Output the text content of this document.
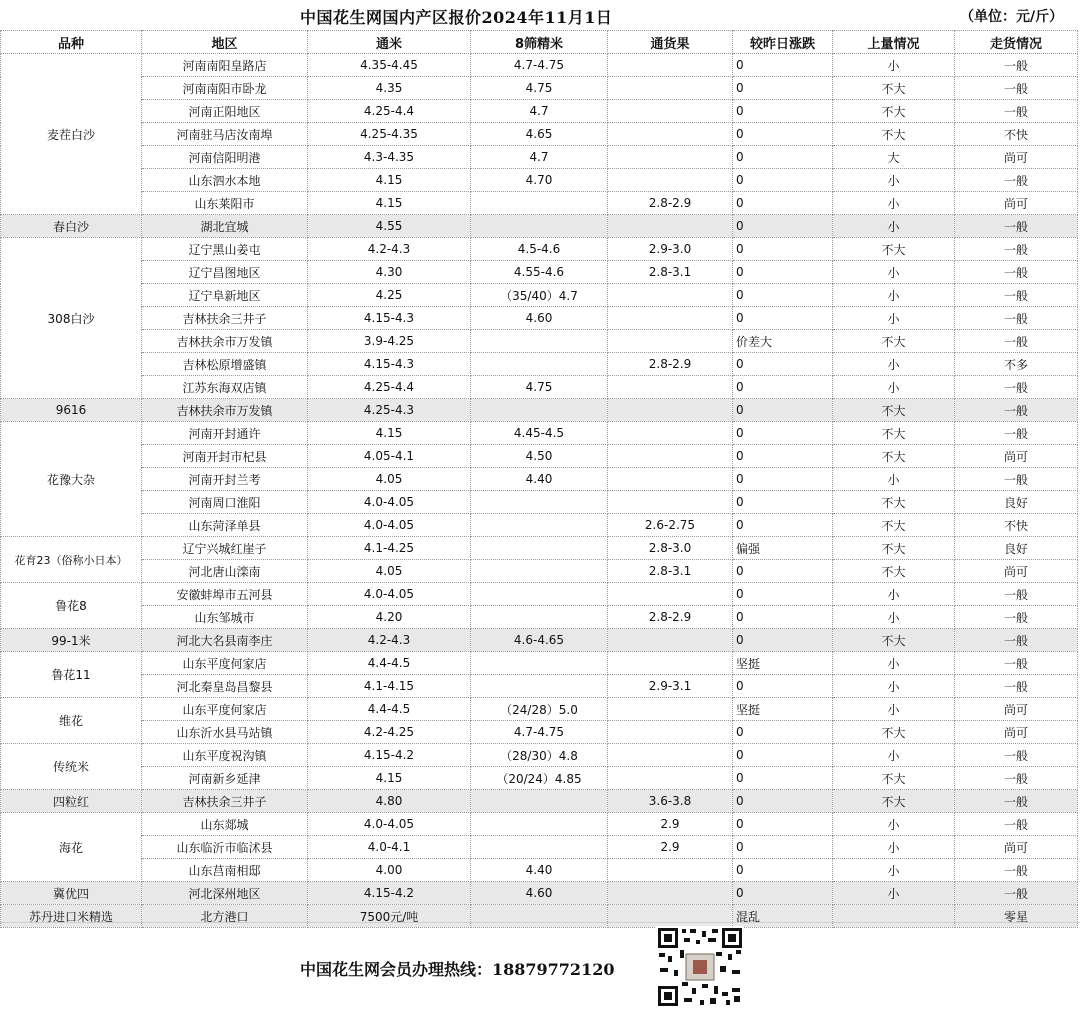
中国花生网国内产区报价2024年11月1日	（单位：元/斤）
品种	地区	通米	8筛精米	通货果	较昨日涨跌	上量情况	走货情况
麦茬白沙	河南南阳皇路店	4.35-4.45	4.7-4.75		0	小	一般
	河南南阳市卧龙	4.35	4.75		0	不大	一般
	河南正阳地区	4.25-4.4	4.7		0	不大	一般
	河南驻马店汝南埠	4.25-4.35	4.65		0	不大	不快
	河南信阳明港	4.3-4.35	4.7		0	大	尚可
	山东泗水本地	4.15	4.70		0	小	一般
	山东莱阳市	4.15		2.8-2.9	0	小	尚可
春白沙	湖北宜城	4.55			0	小	一般
308白沙	辽宁黑山姜屯	4.2-4.3	4.5-4.6	2.9-3.0	0	不大	一般
	辽宁昌图地区	4.30	4.55-4.6	2.8-3.1	0	小	一般
	辽宁阜新地区	4.25	（35/40）4.7		0	小	一般
	吉林扶余三井子	4.15-4.3	4.60		0	小	一般
	吉林扶余市万发镇	3.9-4.25			价差大	不大	一般
	吉林松原增盛镇	4.15-4.3		2.8-2.9	0	小	不多
	江苏东海双店镇	4.25-4.4	4.75		0	小	一般
9616	吉林扶余市万发镇	4.25-4.3			0	不大	一般
花豫大杂	河南开封通许	4.15	4.45-4.5		0	不大	一般
	河南开封市杞县	4.05-4.1	4.50		0	不大	尚可
	河南开封兰考	4.05	4.40		0	小	一般
	河南周口淮阳	4.0-4.05			0	不大	良好
	山东菏泽单县	4.0-4.05		2.6-2.75	0	不大	不快
花育23（俗称小日本）	辽宁兴城红崖子	4.1-4.25		2.8-3.0	偏强	不大	良好
	河北唐山滦南	4.05		2.8-3.1	0	不大	尚可
鲁花8	安徽蚌埠市五河县	4.0-4.05			0	小	一般
	山东邹城市	4.20		2.8-2.9	0	小	一般
99-1米	河北大名县南李庄	4.2-4.3	4.6-4.65		0	不大	一般
鲁花11	山东平度何家店	4.4-4.5			坚挺	小	一般
	河北秦皇岛昌黎县	4.1-4.15		2.9-3.1	0	小	一般
维花	山东平度何家店	4.4-4.5	（24/28）5.0		坚挺	小	尚可
	山东沂水县马站镇	4.2-4.25	4.7-4.75		0	不大	尚可
传统米	山东平度祝沟镇	4.15-4.2	（28/30）4.8		0	小	一般
	河南新乡延津	4.15	（20/24）4.85		0	不大	一般
四粒红	吉林扶余三井子	4.80		3.6-3.8	0	不大	一般
海花	山东郯城	4.0-4.05		2.9	0	小	一般
	山东临沂市临沭县	4.0-4.1		2.9	0	小	尚可
	山东莒南相邸	4.00	4.40		0	小	一般
冀优四	河北深州地区	4.15-4.2	4.60		0	小	一般
苏丹进口米精选	北方港口	7500元/吨			混乱		零星
中国花生网会员办理热线：18879772120
